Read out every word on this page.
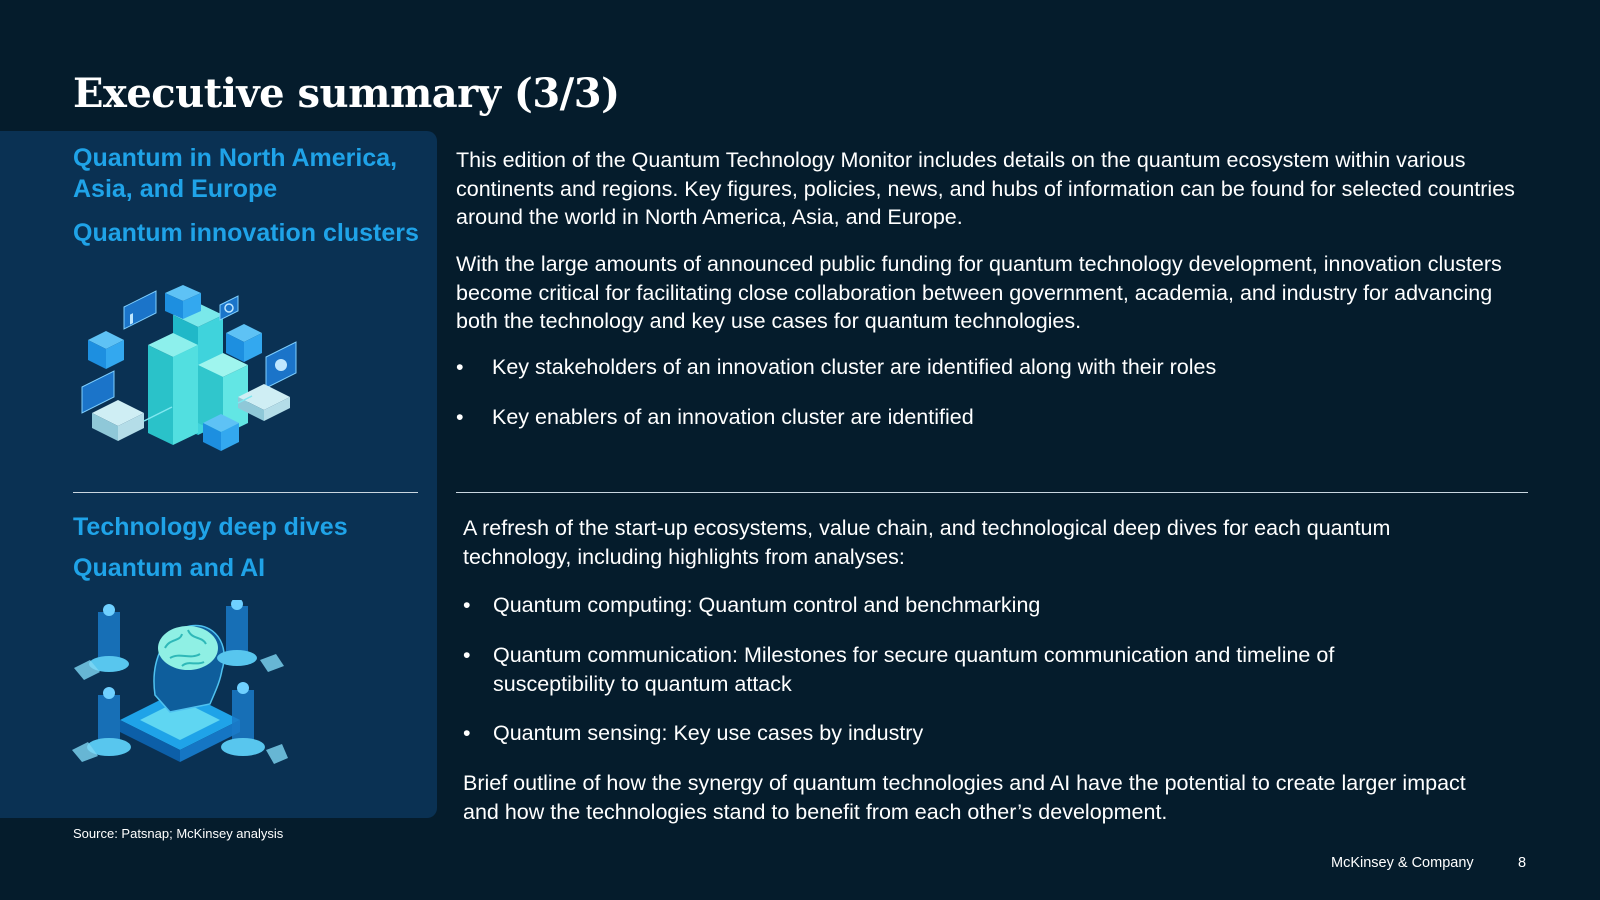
Executive summary (3/3)

Quantum in North America, Asia, and Europe

Quantum innovation clusters

Technology deep dives

Quantum and AI

This edition of the Quantum Technology Monitor includes details on the quantum ecosystem within various continents and regions. Key figures, policies, news, and hubs of information can be found for selected countries around the world in North America, Asia, and Europe.

With the large amounts of announced public funding for quantum technology development, innovation clusters become critical for facilitating close collaboration between government, academia, and industry for advancing both the technology and key use cases for quantum technologies.

• Key stakeholders of an innovation cluster are identified along with their roles
• Key enablers of an innovation cluster are identified

A refresh of the start-up ecosystems, value chain, and technological deep dives for each quantum technology, including highlights from analyses:

• Quantum computing: Quantum control and benchmarking
• Quantum communication: Milestones for secure quantum communication and timeline of susceptibility to quantum attack
• Quantum sensing: Key use cases by industry

Brief outline of how the synergy of quantum technologies and AI have the potential to create larger impact and how the technologies stand to benefit from each other’s development.

Source: Patsnap; McKinsey analysis
McKinsey & Company	8
